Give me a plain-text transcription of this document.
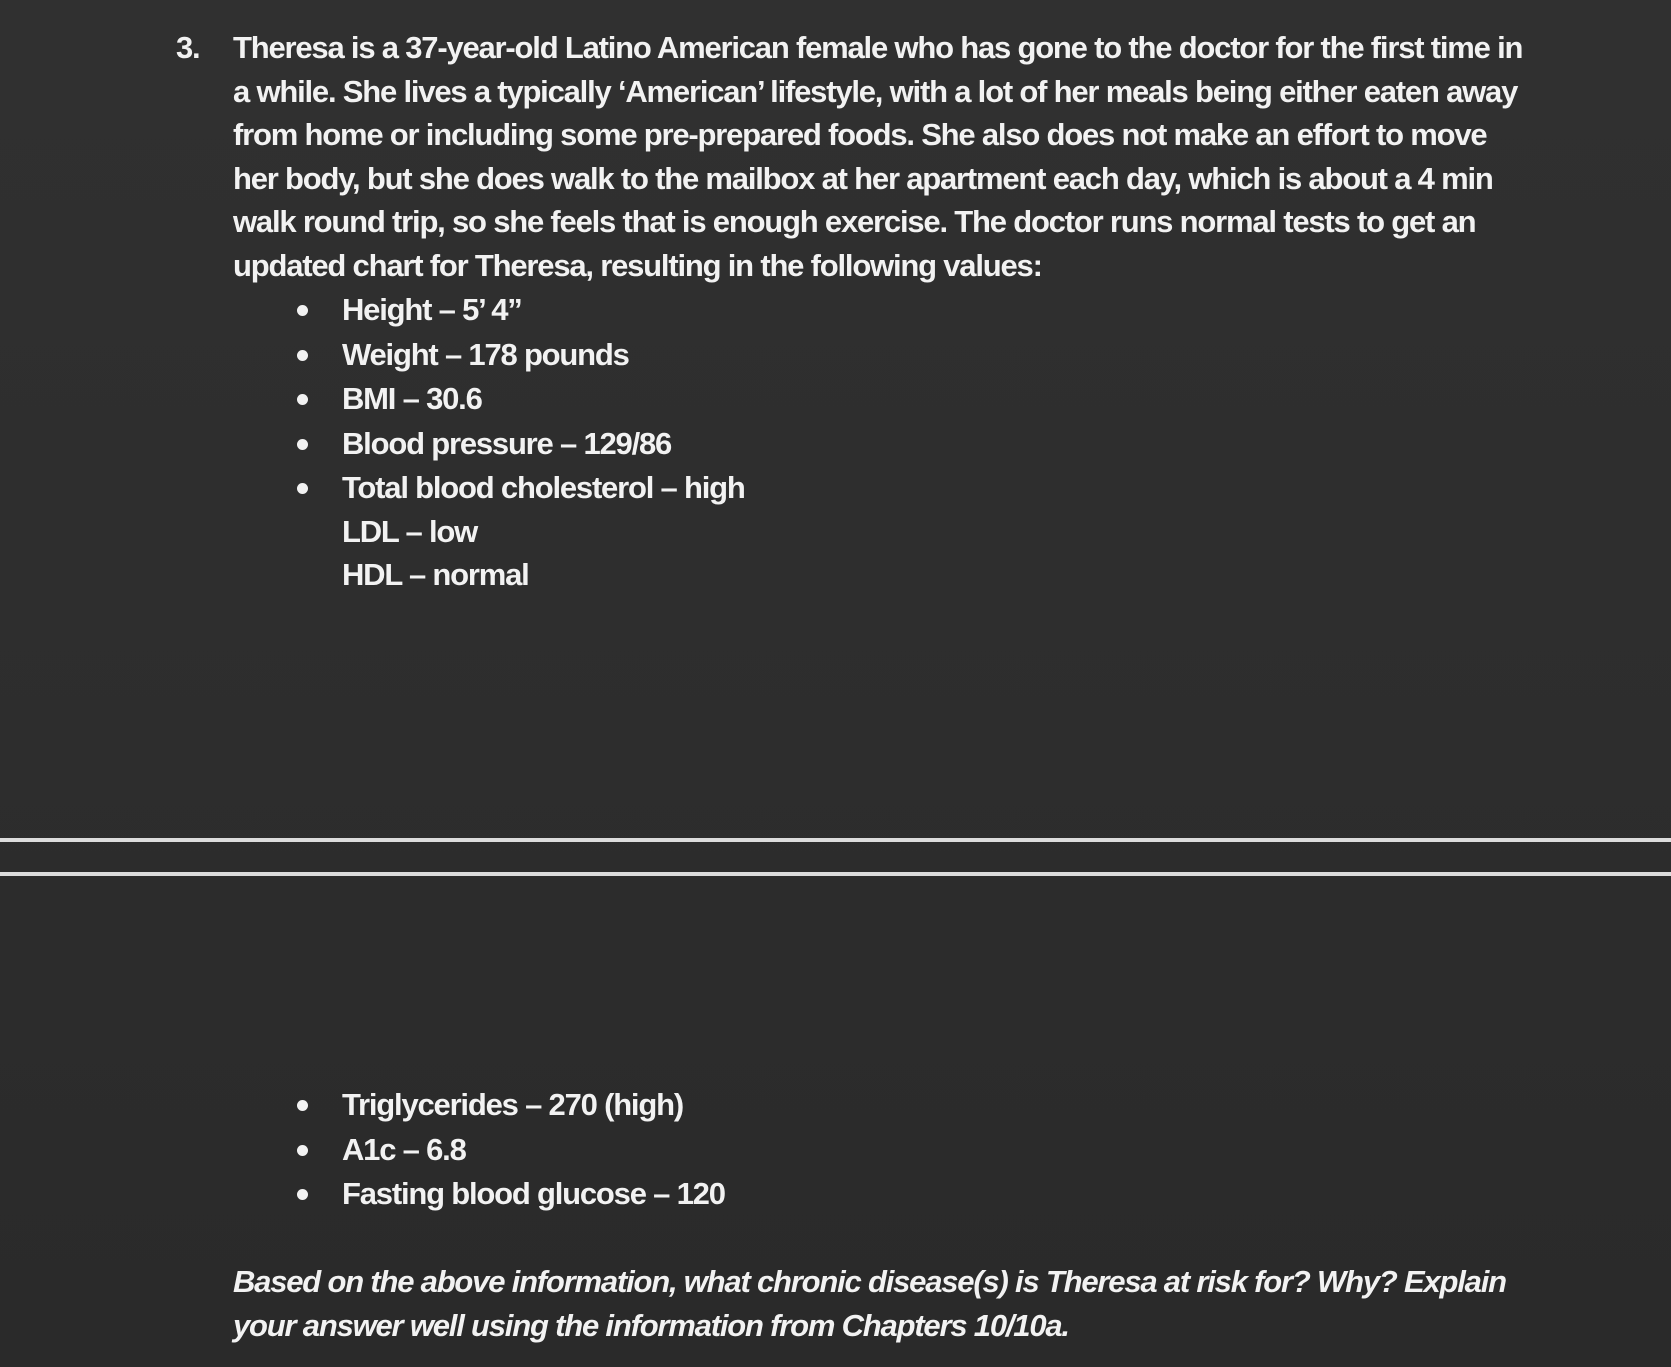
3. Theresa is a 37-year-old Latino American female who has gone to the doctor for the first time in a while. She lives a typically ‘American’ lifestyle, with a lot of her meals being either eaten away from home or including some pre-prepared foods. She also does not make an effort to move her body, but she does walk to the mailbox at her apartment each day, which is about a 4 min walk round trip, so she feels that is enough exercise. The doctor runs normal tests to get an updated chart for Theresa, resulting in the following values:
Height – 5’ 4”
Weight – 178 pounds
BMI – 30.6
Blood pressure – 129/86
Total blood cholesterol – high
LDL – low
HDL – normal
Triglycerides – 270 (high)
A1c – 6.8
Fasting blood glucose – 120
Based on the above information, what chronic disease(s) is Theresa at risk for? Why? Explain your answer well using the information from Chapters 10/10a.
